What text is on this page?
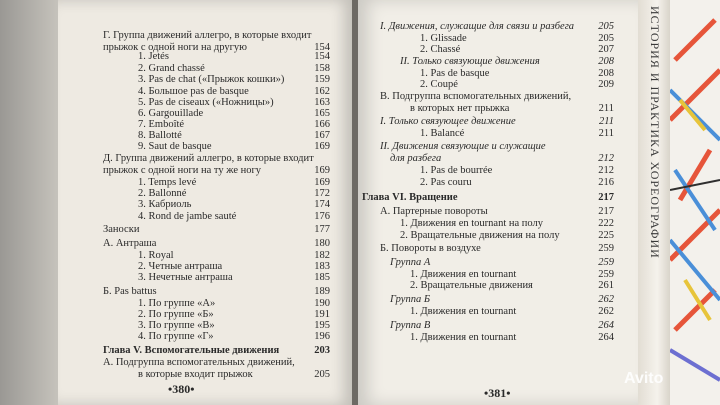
ИСТОРИЯ И ПРАКТИКА ХОРЕОГРАФИИ
Г. Группа движений аллегро, в которые входит
прыжок с одной ноги на другую	154
1. Jetés	154
2. Grand chassé	158
3. Pas de chat («Прыжок кошки»)	159
4. Большое pas de basque	162
5. Pas de ciseaux («Ножницы»)	163
6. Gargouillade	165
7. Emboîté	166
8. Ballotté	167
9. Saut de basque	169
Д. Группа движений аллегро, в которые входит
прыжок с одной ноги на ту же ногу	169
1. Temps levé	169
2. Ballonné	172
3. Кабриоль	174
4. Rond de jambe sauté	176
Заноски	177
А. Антраша	180
1. Royal	182
2. Четные антраша	183
3. Нечетные антраша	185
Б. Pas battus	189
1. По группе «А»	190
2. По группе «Б»	191
3. По группе «В»	195
4. По группе «Г»	196
Глава V. Вспомогательные движения	203
А. Подгруппа вспомогательных движений,
в которые входит прыжок	205
•380•
I. Движения, служащие для связи и разбега	205
1. Glissade	205
2. Chassé	207
II. Только связующие движения	208
1. Pas de basque	208
2. Coupé	209
В. Подгруппа вспомогательных движений,
в которых нет прыжка	211
I. Только связующее движение	211
1. Balancé	211
II. Движения связующие и служащие
для разбега	212
1. Pas de bourrée	212
2. Pas couru	216
Глава VI. Вращение	217
А. Партерные повороты	217
1. Движения en tournant на полу	222
2. Вращательные движения на полу	225
Б. Повороты в воздухе	259
Группа А	259
1. Движения en tournant	259
2. Вращательные движения	261
Группа Б	262
1. Движения en tournant	262
Группа В	264
1. Движения en tournant	264
•381•
Avito
